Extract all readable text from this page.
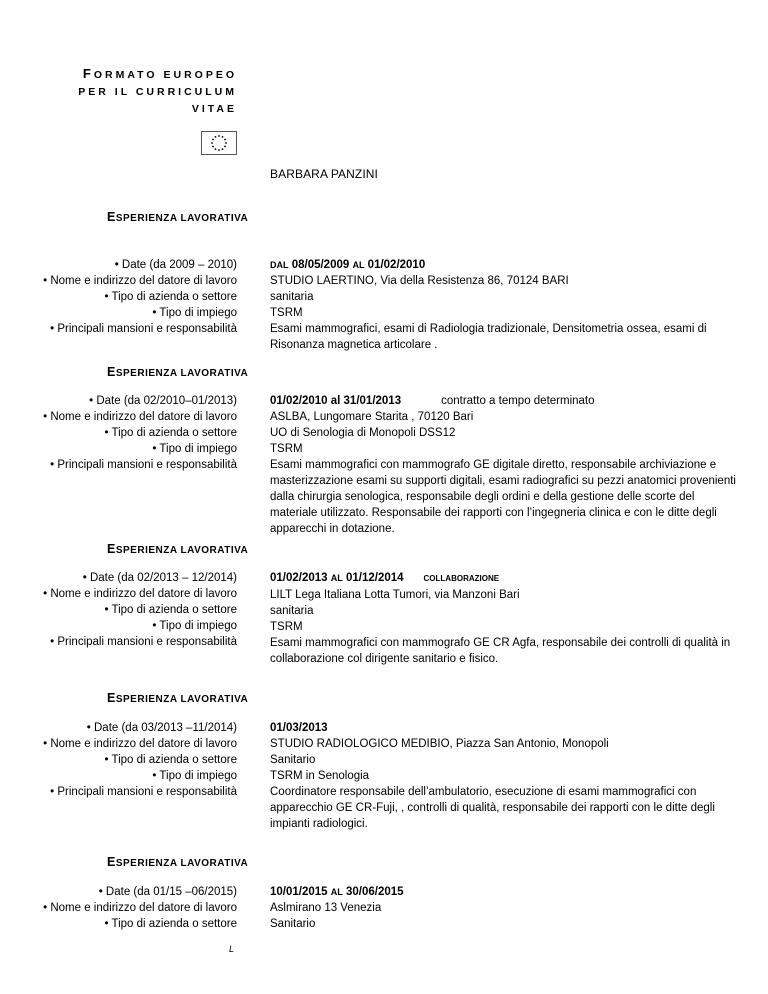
FORMATO EUROPEO
PER IL CURRICULUM
VITAE
BARBARA PANZINI
ESPERIENZA LAVORATIVA
• Date (da 2009 – 2010)
• Nome e indirizzo del datore di lavoro
• Tipo di azienda o settore
• Tipo di impiego
• Principali mansioni e responsabilità
DAL 08/05/2009 AL 01/02/2010
STUDIO LAERTINO, Via della Resistenza 86, 70124 BARI
sanitaria
TSRM
Esami mammografici, esami di Radiologia tradizionale, Densitometria ossea, esami di Risonanza magnetica articolare .
ESPERIENZA LAVORATIVA
• Date (da 02/2010–01/2013)
• Nome e indirizzo del datore di lavoro
• Tipo di azienda o settore
• Tipo di impiego
• Principali mansioni e responsabilità
01/02/2010 al 31/01/2013	contratto a tempo determinato
ASLBA, Lungomare Starita , 70120 Bari
UO di Senologia di Monopoli DSS12
TSRM
Esami mammografici con mammografo GE digitale diretto, responsabile archiviazione e masterizzazione esami su supporti digitali, esami radiografici su pezzi anatomici provenienti dalla chirurgia senologica, responsabile degli ordini e della gestione delle scorte del materiale utilizzato. Responsabile dei rapporti con l’ingegneria clinica e con le ditte degli apparecchi in dotazione.
ESPERIENZA LAVORATIVA
• Date (da 02/2013 – 12/2014)
• Nome e indirizzo del datore di lavoro
• Tipo di azienda o settore
• Tipo di impiego
• Principali mansioni e responsabilità
01/02/2013 AL 01/12/2014	COLLABORAZIONE
LILT Lega Italiana Lotta Tumori, via Manzoni Bari
sanitaria
TSRM
Esami mammografici con mammografo GE CR Agfa, responsabile dei controlli di qualità in collaborazione col dirigente sanitario e fisico.
ESPERIENZA LAVORATIVA
• Date (da 03/2013 –11/2014)
• Nome e indirizzo del datore di lavoro
• Tipo di azienda o settore
• Tipo di impiego
• Principali mansioni e responsabilità
01/03/2013
STUDIO RADIOLOGICO MEDIBIO, Piazza San Antonio, Monopoli
Sanitario
TSRM in Senologia
Coordinatore responsabile dell’ambulatorio, esecuzione di esami mammografici con apparecchio GE CR-Fuji, , controlli di qualità, responsabile dei rapporti con le ditte degli impianti radiologici.
ESPERIENZA LAVORATIVA
• Date (da 01/15 –06/2015)
• Nome e indirizzo del datore di lavoro
• Tipo di azienda o settore
10/01/2015 AL 30/06/2015
Aslmirano 13 Venezia
Sanitario
L
